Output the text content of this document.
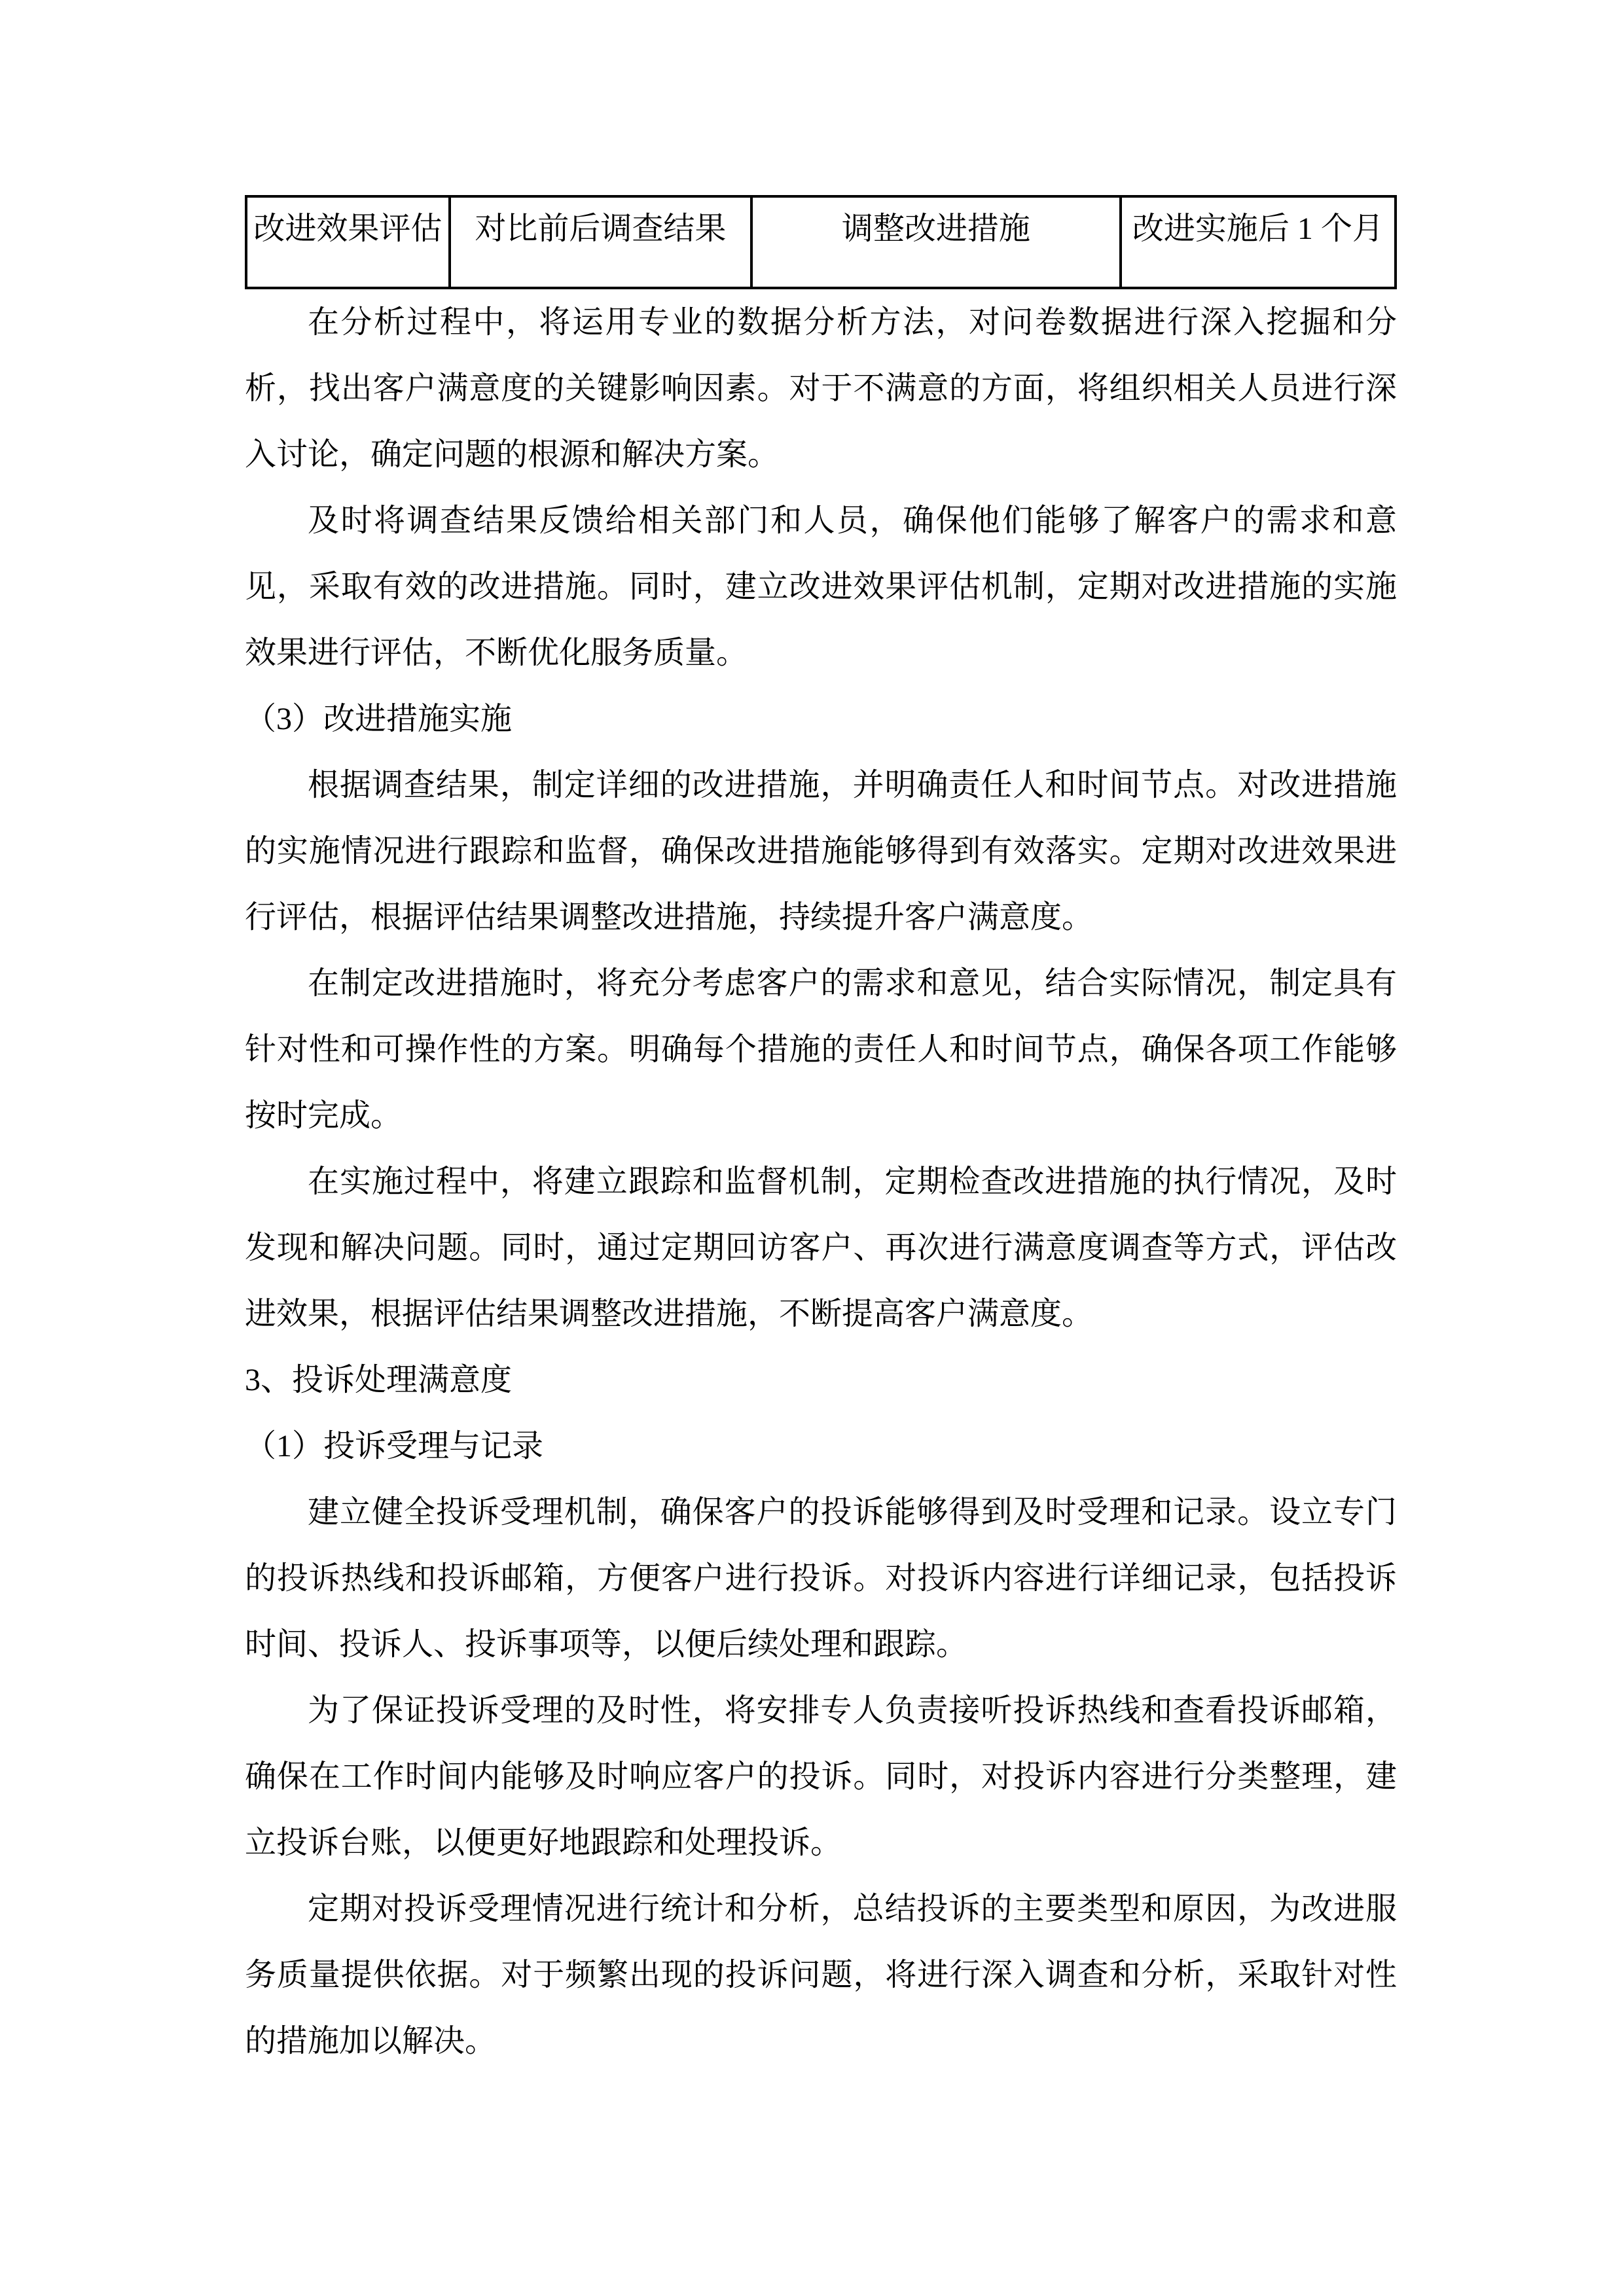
改进效果评估	对比前后调查结果	调整改进措施	改进实施后 1 个月

在分析过程中，将运用专业的数据分析方法，对问卷数据进行深入挖掘和分析，找出客户满意度的关键影响因素。对于不满意的方面，将组织相关人员进行深入讨论，确定问题的根源和解决方案。

及时将调查结果反馈给相关部门和人员，确保他们能够了解客户的需求和意见，采取有效的改进措施。同时，建立改进效果评估机制，定期对改进措施的实施效果进行评估，不断优化服务质量。

（3）改进措施实施

根据调查结果，制定详细的改进措施，并明确责任人和时间节点。对改进措施的实施情况进行跟踪和监督，确保改进措施能够得到有效落实。定期对改进效果进行评估，根据评估结果调整改进措施，持续提升客户满意度。

在制定改进措施时，将充分考虑客户的需求和意见，结合实际情况，制定具有针对性和可操作性的方案。明确每个措施的责任人和时间节点，确保各项工作能够按时完成。

在实施过程中，将建立跟踪和监督机制，定期检查改进措施的执行情况，及时发现和解决问题。同时，通过定期回访客户、再次进行满意度调查等方式，评估改进效果，根据评估结果调整改进措施，不断提高客户满意度。

3、投诉处理满意度

（1）投诉受理与记录

建立健全投诉受理机制，确保客户的投诉能够得到及时受理和记录。设立专门的投诉热线和投诉邮箱，方便客户进行投诉。对投诉内容进行详细记录，包括投诉时间、投诉人、投诉事项等，以便后续处理和跟踪。

为了保证投诉受理的及时性，将安排专人负责接听投诉热线和查看投诉邮箱，确保在工作时间内能够及时响应客户的投诉。同时，对投诉内容进行分类整理，建立投诉台账，以便更好地跟踪和处理投诉。

定期对投诉受理情况进行统计和分析，总结投诉的主要类型和原因，为改进服务质量提供依据。对于频繁出现的投诉问题，将进行深入调查和分析，采取针对性的措施加以解决。
